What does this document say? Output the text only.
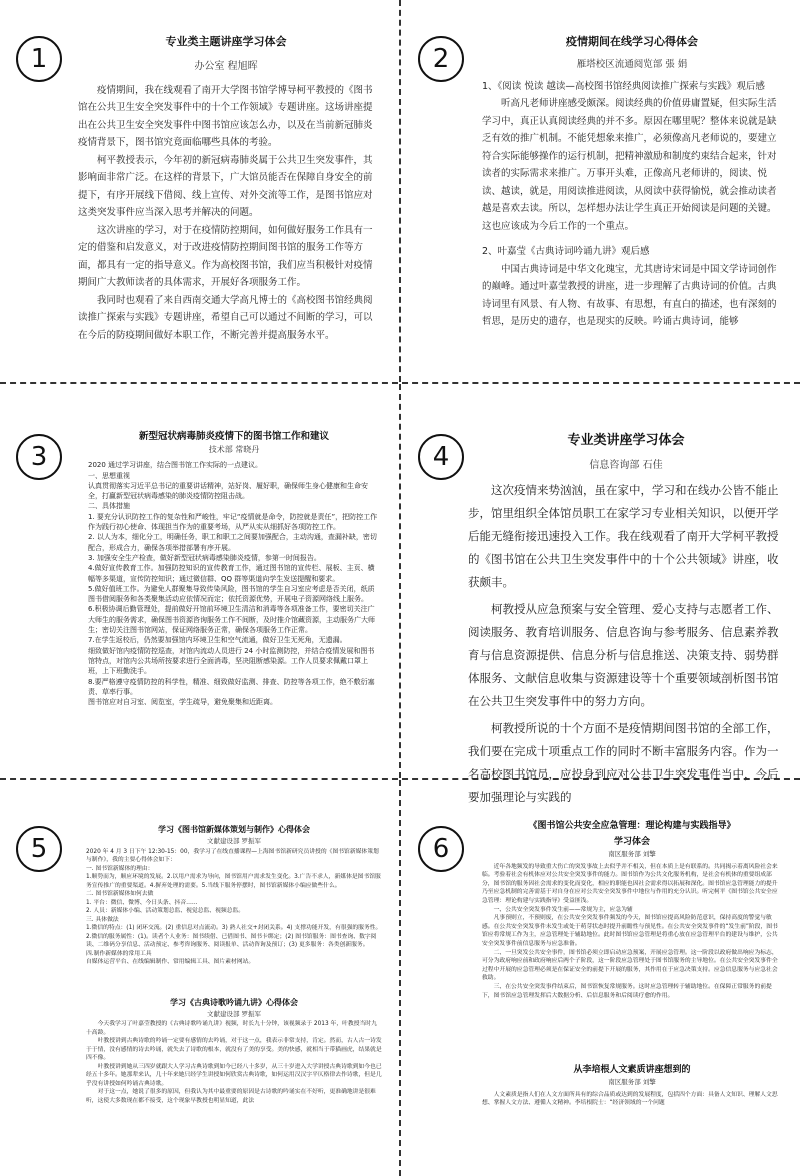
1
专业类主题讲座学习体会
办公室 程旭晖

疫情期间，我在线观看了南开大学图书馆学博导柯平教授的《图书馆在公共卫生安全突发事件中的十个工作领域》专题讲座。这场讲座提出在公共卫生安全突发事件中图书馆应该怎么办，以及在当前新冠肺炎疫情背景下，图书馆究竟面临哪些具体的考验。

柯平教授表示，今年初的新冠病毒肺炎属于公共卫生突发事件，其影响面非常广泛。在这样的背景下，广大馆员能否在保障自身安全的前提下，有序开展线下借阅、线上宣传、对外交流等工作，是图书馆应对这类突发事件应当深入思考并解决的问题。

这次讲座的学习，对于在疫情防控期间，如何做好服务工作具有一定的借鉴和启发意义，对于改进疫情防控期间图书馆的服务工作等方面，都具有一定的指导意义。作为高校图书馆，我们应当积极针对疫情期间广大教师读者的具体需求，开展好各项服务工作。

我同时也观看了来自西南交通大学高凡博士的《高校图书馆经典阅读推广探索与实践》专题讲座，希望自己可以通过不间断的学习，可以在今后的防疫期间做好本职工作，不断完善并提高服务水平。

2
疫情期间在线学习心得体会
雁塔校区流通阅览部 張 娟

1、《阅读 悦读 越读—高校图书馆经典阅读推广探索与实践》观后感

听高凡老师讲座感受颇深。阅读经典的价值毋庸置疑，但实际生活学习中，真正认真阅读经典的并不多。原因在哪里呢？整体来说就是缺乏有效的推广机制。不能凭想象来推广，必须像高凡老师说的，要建立符合实际能够操作的运行机制，把精神激励和制度约束结合起来，针对读者的实际需求来推广。万事开头难，正像高凡老师讲的，阅读、悦读、越读，就是，用阅读推进阅读，从阅读中获得愉悦，就会推动读者越是喜欢去读。所以，怎样想办法让学生真正开始阅读是问题的关键。这也应该成为今后工作的一个重点。

2、叶嘉莹《古典诗词吟诵九讲》观后感

中国古典诗词是中华文化瑰宝，尤其唐诗宋词是中国文学诗词创作的巅峰。通过叶嘉莹教授的讲座，进一步理解了古典诗词的价值。古典诗词里有风景、有人物、有故事、有思想，有直白的描述，也有深刻的哲思，是历史的遗存，也是现实的反映。吟诵古典诗词，能够

3
新型冠状病毒肺炎疫情下的图书馆工作和建议
技术部 常晓丹

2020 通过学习讲座，结合图书馆工作实际的一点建议。

一、思想重视

认真贯彻落实习近平总书记的重要讲话精神，站好岗、履好职，确保师生身心健康和生命安全，打赢新型冠状病毒感染的肺炎疫情防控阻击战。

二、具体措施

1. 要充分认识防控工作的复杂性和严峻性，牢记“疫情就是命令，防控就是责任”，把防控工作作为践行初心使命、体现担当作为的重要考场，从严从实从细抓好各项防控工作。

2. 以人为本，细化分工，明确任务，职工和职工之间要加强配合，主动沟通，查漏补缺，密切配合，形成合力，确保各项举措部署有序开展。

3. 加强安全生产检查，做好新型冠状病毒感染肺炎疫情，参第一时间报告。

4.做好宣传教育工作。加强防控知识的宣传教育工作，通过图书馆的宣传栏、展板、主页、横幅等多渠道，宣传防控知识；通过微信群、QQ 群等渠道向学生发送提醒和要求。

5.做好值班工作。为避免人群聚集导致传染风险，图书馆的学生自习室应考虑是否关闭，纸质图书借阅服务和各类聚集活动应依情况而定；依托资源优势，开展电子资源网络线上服务。

6.积极协调后勤管理处，提前做好开馆前环境卫生清洁和消毒等各项准备工作，要密切关注广大师生的服务需求，确保图书资源咨询服务工作不间断，及时推介馆藏资源，主动服务广大师生；密切关注图书馆网站，保证网络服务正常，确保各项服务工作正常。

7.在学生返校后，仍然要加强馆内环境卫生和空气流通，做好卫生无死角，无遗漏。

细致做好馆内疫情防控巡查，对馆内流动人员进行 24 小时监测防控，并结合疫情发展和图书馆特点，对馆内公共场所按要求进行全面消毒，坚决阻断感染源。工作人员要求佩戴口罩上班，上下班勤洗手。

8.要严格遵守疫情防控的科学性，精准、细致做好监测、排查、防控等各项工作，绝不敷衍塞责、草率行事。

图书馆应对自习室、阅览室，学生疏导，避免聚集和近距离。

4
专业类讲座学习体会
信息咨询部 石佳

这次疫情来势汹汹，虽在家中，学习和在线办公皆不能止步，馆里组织全体馆员职工在家学习专业相关知识，以便开学后能无缝衔接迅速投入工作。我在线观看了南开大学柯平教授的《图书馆在公共卫生突发事件中的十个公共领域》讲座，收获颇丰。

柯教授从应急预案与安全管理、爱心支持与志愿者工作、阅读服务、教育培训服务、信息咨询与参考服务、信息素养教育与信息资源提供、信息分析与信息推送、决策支持、弱势群体服务、文献信息收集与资源建设等十个重要领域剖析图书馆在公共卫生突发事件中的努力方向。

柯教授所说的十个方面不是疫情期间图书馆的全部工作，我们要在完成十项重点工作的同时不断丰富服务内容。作为一名高校图书馆员，应投身到应对公共卫生突发事件当中，今后要加强理论与实践的

5
学习《图书馆新媒体策划与制作》心得体会
文献建设部 罗振军

2020 年 4 月 3 日下午 12:30-15：00，我学习了在线直播课程—上海图书馆新研究员讲授的《图书馆新媒体策划与制作》，我的主要心得体会如下：

一. 图书馆新媒体的理由：

1.顺势而为，顺应环境的发展。2.以用户需求为导向，图书馆用户需求发生变化。3.广告不求人，新媒体是图书馆服务宣传推广的重要渠道。4.摒弃处理的需要。5.当线下服务停摆时，图书馆新媒体小编应做些什么。

二. 图书馆新媒体如何去做

1. 平台：微信、微博、今日头条、抖音……

2. 人员：新媒体小编、活动策划总监、视觉总监、视频总监。

三. 具体做法

1.微信的特点：(1) 闭环交流。(2) 重信息对点流动。3) 熟人社交+封闭关系。4) 支撑功能开发，有很强的服务性。

2.微信的服务属性：(1)。读者个人业务：图书续借、已借图书、图书卡绑定；(2) 图书馆服务：图书查询、数字阅读、二维码分享信息、活动预定、参考咨询服务、阅读报单、活动咨询及预订；(3) 更多服务：各类创新服务。

四.制作新媒体的常用工具

自媒体运营平台、在线编辑制作、常用编辑工具、图片素材网站。

学习《古典诗歌吟诵九讲》心得体会
文献建设部 罗振军

今天我学习了叶嘉莹教授的《古典诗歌吟诵九讲》视频，时长九十分钟，该视频录于 2013 年，叶教授当时九十高龄。

叶教授讲到古典诗歌的吟诵一定要有感情的去吟诵，对于这一点，我表示非常支持，肯定。然而，古人古一诗发于于情，没有感情的诗去吟诵，就失去了诗歌的根本，就没有了美的享受。美的快感，就相当于带猫画虎，结果就是四不像。

叶教授讲到她从三四岁就跟大人学习古典诗歌到如今已经八十多岁，从三十岁进入大学讲授古典诗歌到如今也已经五十多年。她那辈来认，几十年来她只经学生讲授如何欣赏古典诗歌，如何运用汉汉字平仄格律去作诗歌，但是几乎没有讲授如何吟诵古典诗歌。

对于这一点，她说了很多的原因，但我认为其中最重要的原因是古诗歌的吟诵实在不好听，更准确地讲是很难听，这使大多数现在都不接受，这个现象早教授也明显知道，此法

6
《图书馆公共安全应急管理：理论构建与实践指导》
学习体会
南区服务部 刘擎

近年各地频发的导致重大伤亡的突发事故上去似乎并不相关，但在本质上是有联系的。共同揭示着离风险社会来临。考验着社会有机体应对公共安全突发事件的能力。图书馆作为公共文化服务机构，是社会有机体的重要组成部分，图书馆的服务因社会需求的变化而变化，相应的职能也因社会需求得以拓展和深化。图书馆应急管理能力的提升乃至应急机制的完善需基于对自身在应对公共安全突发事件中地位与作用的充分认识。听完柯平《图书馆公共安全应急管理：理论构建与实践指导》受益匪浅。

一、公共安全突发事件发生前——常规为主，应急为辅

凡事预则立，不预则废，在公共安全突发事件频发的今天，图书馆应提高风险防范意识，保持高度的警觉与敏感。在公共安全突发事件未发生或处于萌芽状态时提升前瞻性与预见性。在公共安全突发事件的“发生前”阶段，图书馆应将常规工作为主，应急管理处于辅助地位。此时图书馆应急管理是将重心放在应急管理平台的建设与维护，公共安全突发事件前信息服务与应急准备。

二、一旦突发公共安全事件，图书馆必须立即启动应急预案，开展应急管理。这一阶段以政府做出响应为标志，可分为政府响应前和政府响应后两个子阶段，这一阶段应急管理处于图书馆服务的主导地位。在公共安全突发事件全过程中开展的应急管理必须是在保证安全的前提下开展的服务，其作用在于应急决策支持。应急信息服务与应急社会救助。

三、在公共安全突发事件结束后，图书馆恢复常规服务。这时应急管理转于辅助地位。在保障正常服务的前提下，图书馆应急管理发挥后大数据分析、后信息服务和后阅读疗愈的作用。

从李培根人文素质讲座想到的
南区服务部 刘擎

人文素质是指人们在人文方面所具有的综合品质或达到的发展程度，包括四个方面：具备人文知识、理解人文思想、掌握人文方法、遵循人文精神。李培根院士：“经济领域的一个问题
